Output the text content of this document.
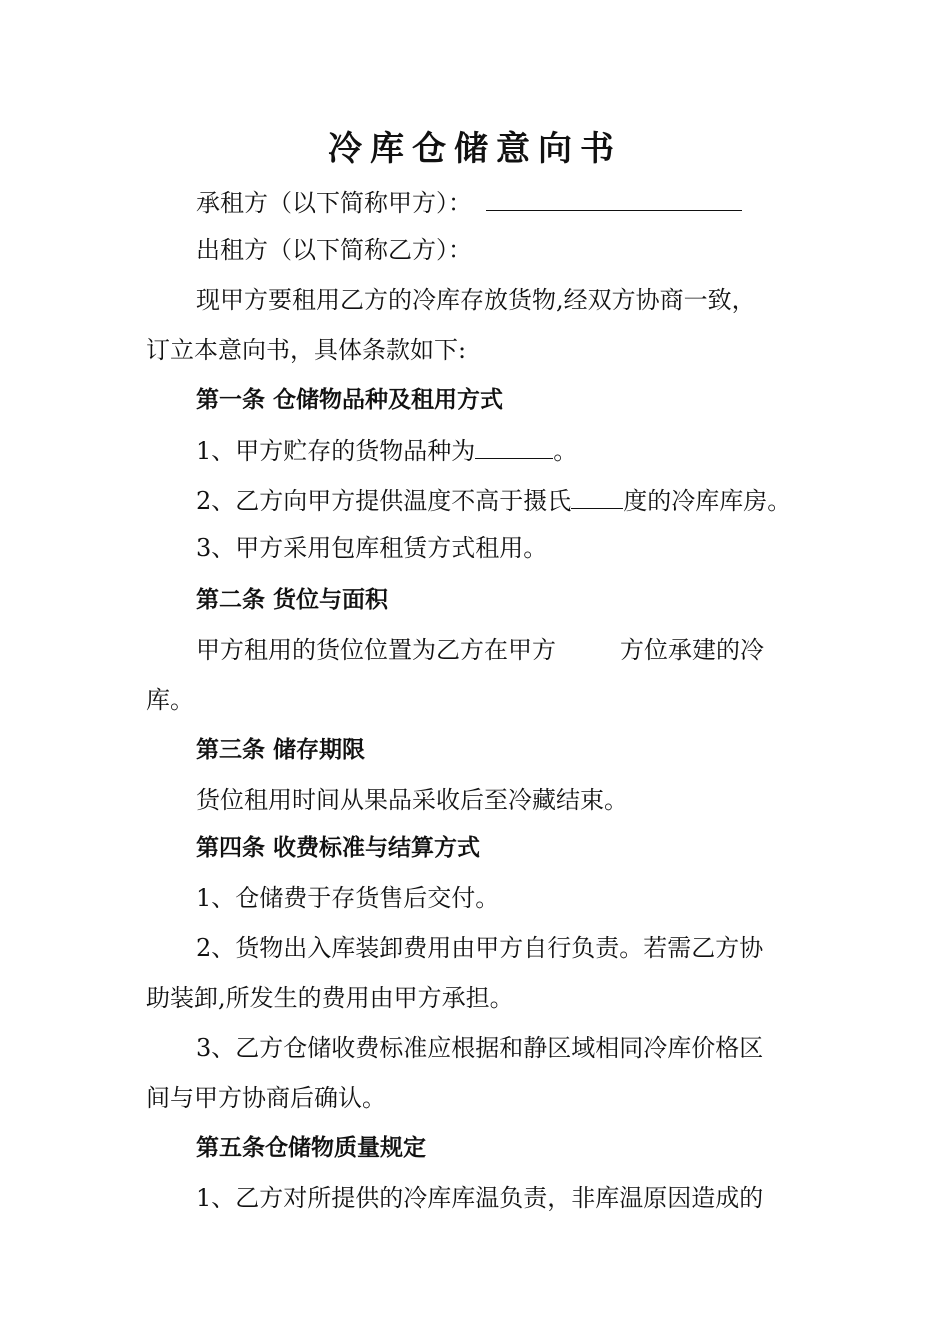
冷库仓储意向书
承租方（以下简称甲方）：
出租方（以下简称乙方）：
现甲方要租用乙方的冷库存放货物,经双方协商一致，
订立本意向书，具体条款如下:
第一条 仓储物品种及租用方式
1、甲方贮存的货物品种为	。
2、乙方向甲方提供温度不高于摄氏 度的冷库库房。
3、甲方采用包库租赁方式租用。
第二条 货位与面积
甲方租用的货位位置为乙方在甲方	方位承建的冷
库。
第三条 储存期限
货位租用时间从果品采收后至冷藏结束。
第四条 收费标准与结算方式
1、仓储费于存货售后交付。
2、货物出入库装卸费用由甲方自行负责。若需乙方协
助装卸,所发生的费用由甲方承担。
3、乙方仓储收费标准应根据和静区域相同冷库价格区
间与甲方协商后确认。
第五条仓储物质量规定
1、乙方对所提供的冷库库温负责，非库温原因造成的
